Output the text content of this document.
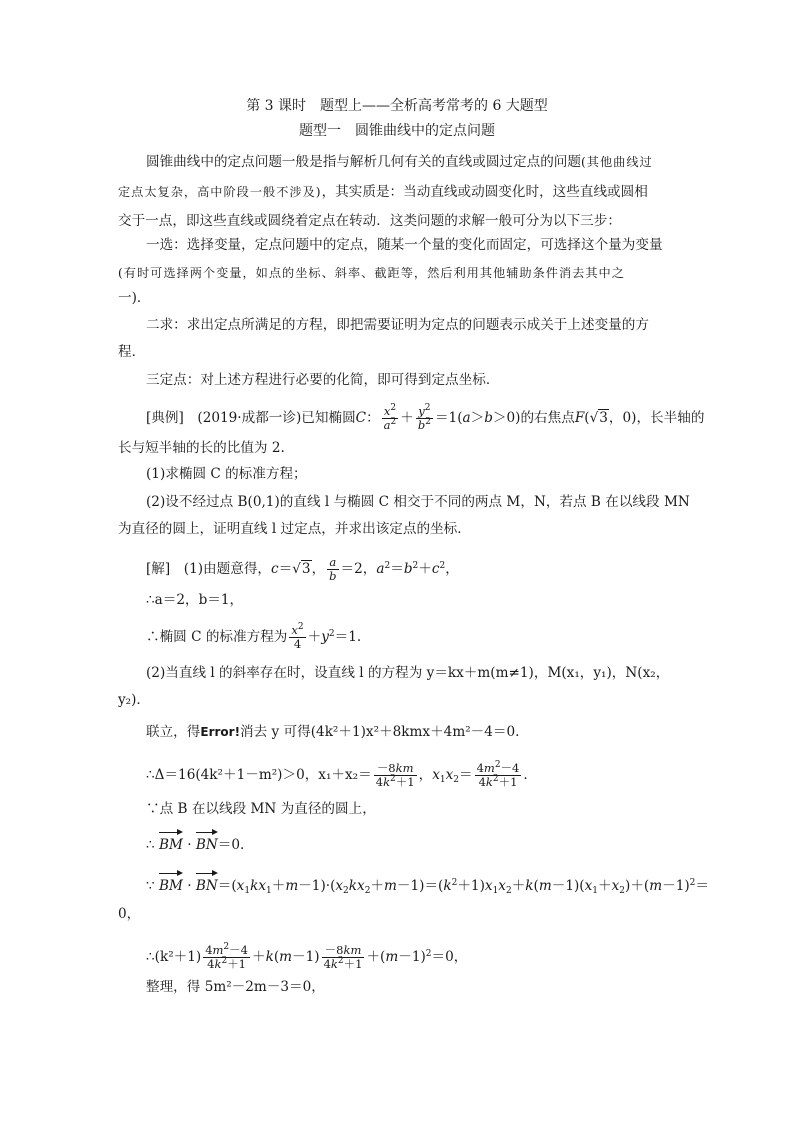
第 3 课时　题型上——全析高考常考的 6 大题型
题型一　圆锥曲线中的定点问题
圆锥曲线中的定点问题一般是指与解析几何有关的直线或圆过定点的问题(其他曲线过
定点太复杂，高中阶段一般不涉及)，其实质是：当动直线或动圆变化时，这些直线或圆相
交于一点，即这些直线或圆绕着定点在转动．这类问题的求解一般可分为以下三步：
一选：选择变量，定点问题中的定点，随某一个量的变化而固定，可选择这个量为变量
(有时可选择两个变量，如点的坐标、斜率、截距等，然后利用其他辅助条件消去其中之
一)．
二求：求出定点所满足的方程，即把需要证明为定点的问题表示成关于上述变量的方
程．
三定点：对上述方程进行必要的化简，即可得到定点坐标．
[典例]　 (2019·成都一诊)已知椭圆C： $\frac{x^2}{a^2} + \frac{y^2}{b^2} =1(a>b>0)$的右焦点F(√3，0)，长半轴的
长与短半轴的长的比值为 2.
(1)求椭圆 C 的标准方程；
(2)设不经过点 B(0,1)的直线 l 与椭圆 C 相交于不同的两点 M，N，若点 B 在以线段 MN
为直径的圆上，证明直线 l 过定点，并求出该定点的坐标．
[解]　 (1)由题意得，c＝√3， $\frac{a}{b} =2$，$a^2=b^2+c^2$，
∴a＝2，b＝1，
∴椭圆 C 的标准方程为 $\frac{x^2}{4} +y^2=1$.
(2)当直线 l 的斜率存在时，设直线 l 的方程为 y＝kx＋m(m≠1)，M(x₁，y₁)，N(x₂，
y₂)．
联立，得Error!消去 y 可得(4k²＋1)x²＋8kmx＋4m²－4＝0.
∴Δ＝16(4k²＋1－m²)＞0，$x_1+x_2= \frac{-8km}{4k^2+1}$ ，$x_1x_2= \frac{4m^2-4}{4k^2+1}$ .
∵点 B 在以线段 MN 为直径的圆上，
∴ BM · BN＝0.
∵ BM · $BN=(x_1kx_1+m-1)\cdot(x_2kx_2+m-1)=(k^2+1)x_1x_2+k(m-1)(x_1+x_2)+(m-1)^2=$
0，
∴(k²＋1) $\frac{4m^2-4}{4k^2+1} +k(m-1) \frac{-8km}{4k^2+1} +(m-1)^2=0$，
整理，得 5m²－2m－3＝0，
